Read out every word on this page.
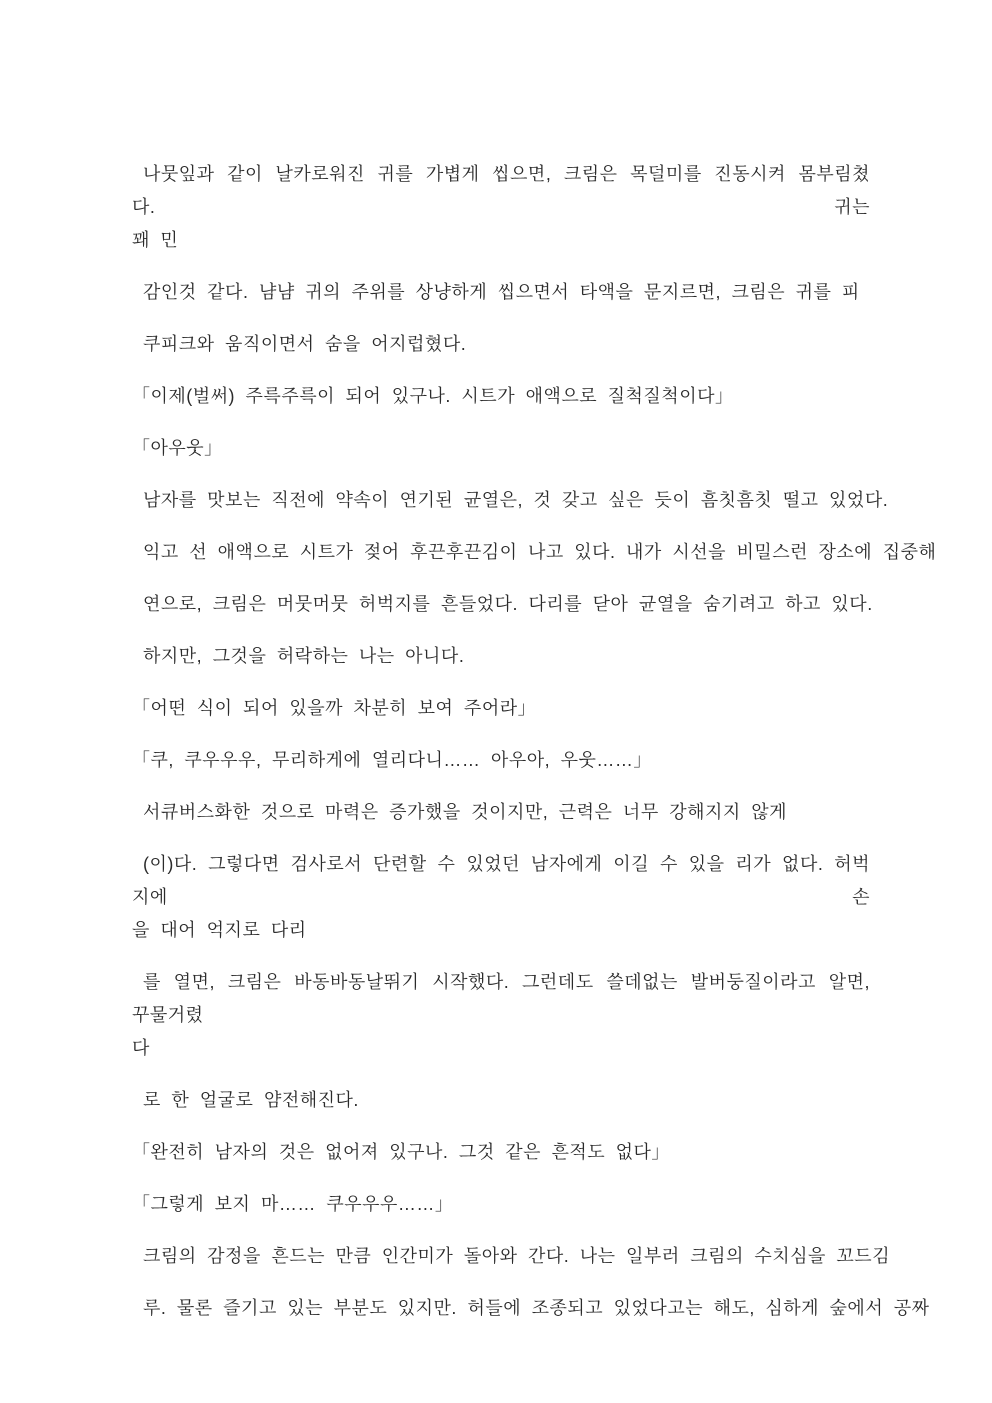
나뭇잎과 같이 날카로워진 귀를 가볍게 씹으면, 크림은 목덜미를 진동시켜 몸부림쳤다. 귀는
꽤 민

감인것 같다. 냠냠 귀의 주위를 상냥하게 씹으면서 타액을 문지르면, 크림은 귀를 피

쿠피크와 움직이면서 숨을 어지럽혔다.

「이제(벌써) 주륵주륵이 되어 있구나. 시트가 애액으로 질척질척이다」

「아우웃」

남자를 맛보는 직전에 약속이 연기된 균열은, 것 갖고 싶은 듯이 흠칫흠칫 떨고 있었다.

익고 선 애액으로 시트가 젖어 후끈후끈김이 나고 있다. 내가 시선을 비밀스런 장소에 집중해

연으로, 크림은 머뭇머뭇 허벅지를 흔들었다. 다리를 닫아 균열을 숨기려고 하고 있다.

하지만, 그것을 허락하는 나는 아니다.

「어떤 식이 되어 있을까 차분히 보여 주어라」

「쿠, 쿠우우우, 무리하게에 열리다니…… 아우아, 우웃……」

서큐버스화한 것으로 마력은 증가했을 것이지만, 근력은 너무 강해지지 않게

(이)다. 그렇다면 검사로서 단련할 수 있었던 남자에게 이길 수 있을 리가 없다. 허벅지에 손
을 대어 억지로 다리

를 열면, 크림은 바동바동날뛰기 시작했다. 그런데도 쓸데없는 발버둥질이라고 알면, 꾸물거렸
다

로 한 얼굴로 얌전해진다.

「완전히 남자의 것은 없어져 있구나. 그것 같은 흔적도 없다」

「그렇게 보지 마…… 쿠우우우……」

크림의 감정을 흔드는 만큼 인간미가 돌아와 간다. 나는 일부러 크림의 수치심을 꼬드김

루. 물론 즐기고 있는 부분도 있지만. 허들에 조종되고 있었다고는 해도, 심하게 숲에서 공짜
